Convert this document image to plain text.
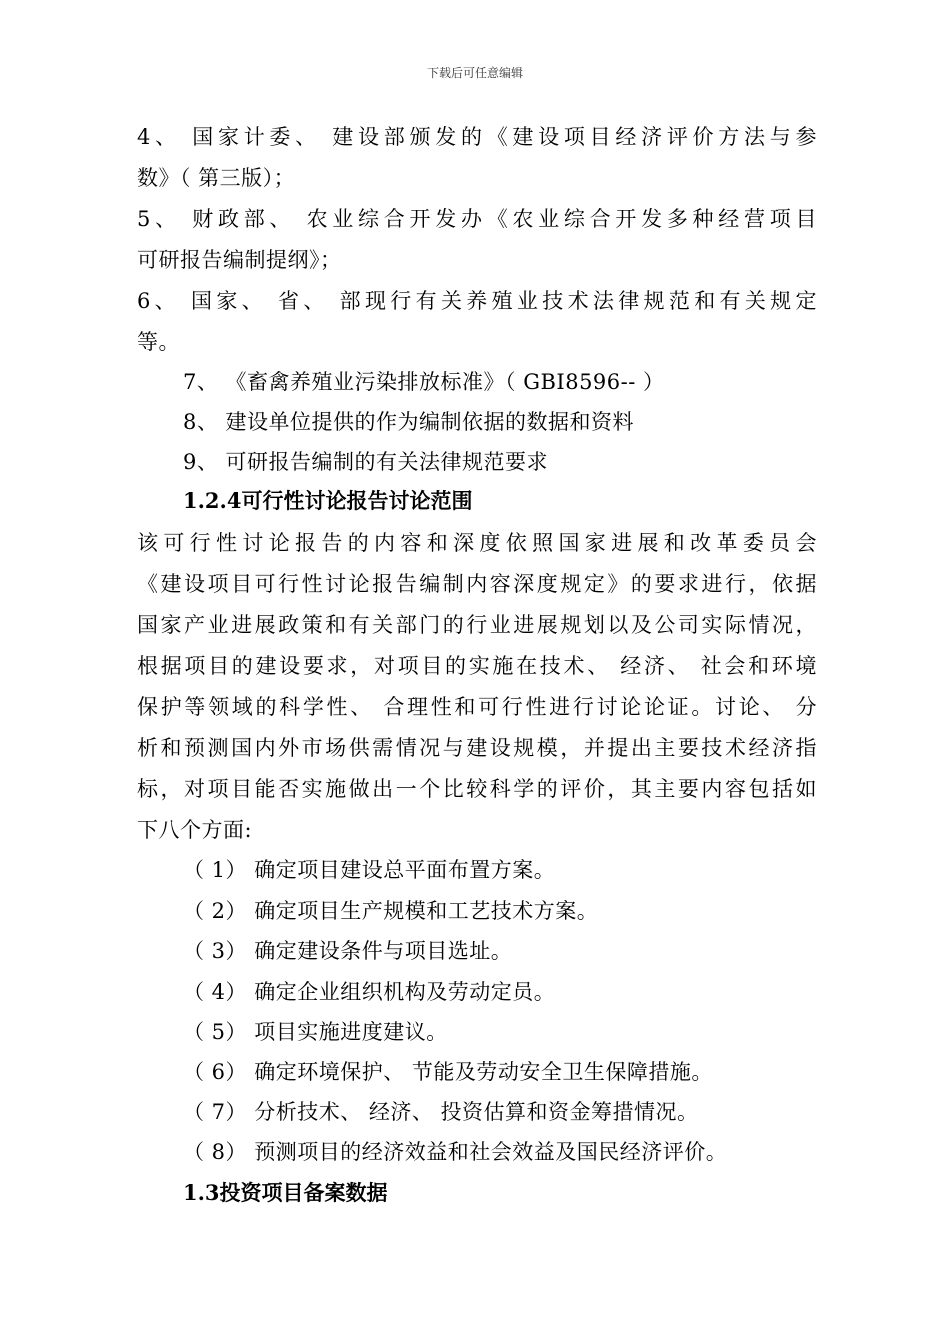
下载后可任意编辑
4、 国家计委、 建设部颁发的《建设项目经济评价方法与参
数》（ 第三版）；
5、 财政部、 农业综合开发办《农业综合开发多种经营项目
可研报告编制提纲》；
6、 国家、 省、 部现行有关养殖业技术法律规范和有关规定
等。
7、 《畜禽养殖业污染排放标准》（ GBI8596-- ）
8、 建设单位提供的作为编制依据的数据和资料
9、 可研报告编制的有关法律规范要求
1.2.4可行性讨论报告讨论范围
该可行性讨论报告的内容和深度依照国家进展和改革委员会
《建设项目可行性讨论报告编制内容深度规定》的要求进行，依据
国家产业进展政策和有关部门的行业进展规划以及公司实际情况，
根据项目的建设要求，对项目的实施在技术、 经济、 社会和环境
保护等领域的科学性、 合理性和可行性进行讨论论证。讨论、 分
析和预测国内外市场供需情况与建设规模，并提出主要技术经济指
标，对项目能否实施做出一个比较科学的评价，其主要内容包括如
下八个方面:
（ 1） 确定项目建设总平面布置方案。
（ 2） 确定项目生产规模和工艺技术方案。
（ 3） 确定建设条件与项目选址。
（ 4） 确定企业组织机构及劳动定员。
（ 5） 项目实施进度建议。
（ 6） 确定环境保护、 节能及劳动安全卫生保障措施。
（ 7） 分析技术、 经济、 投资估算和资金筹措情况。
（ 8） 预测项目的经济效益和社会效益及国民经济评价。
1.3投资项目备案数据
